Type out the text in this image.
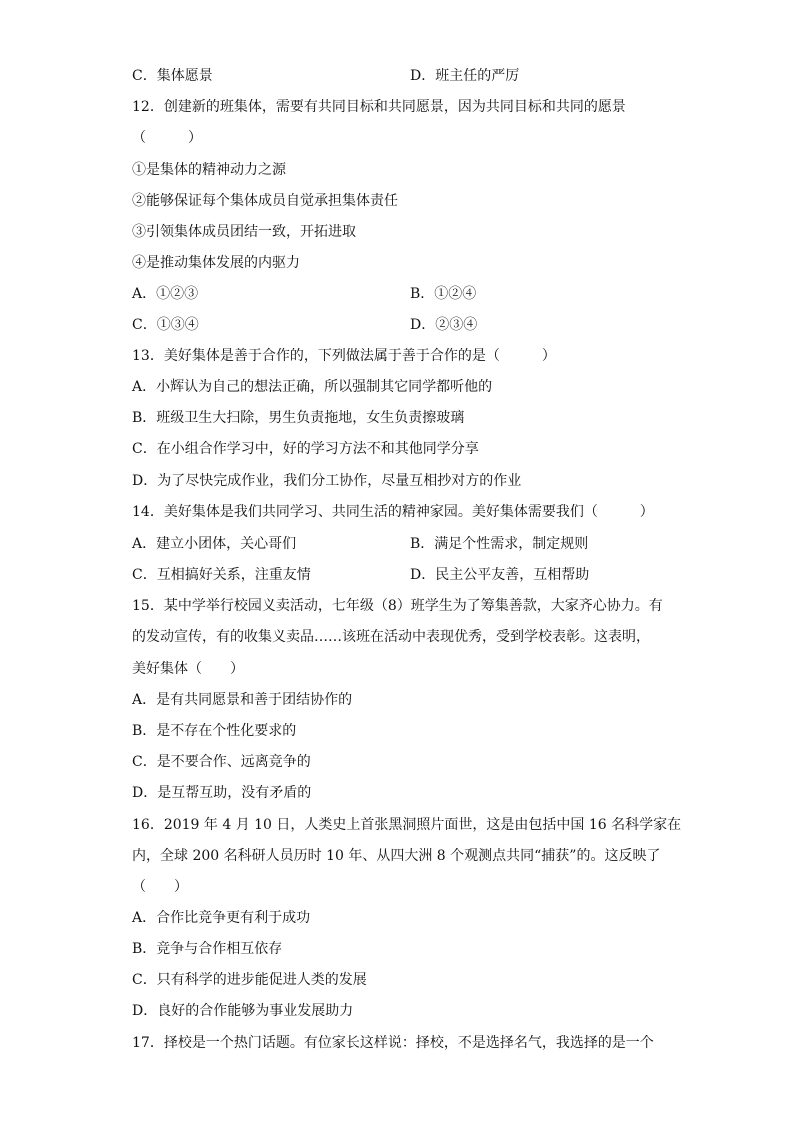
C．集体愿景	D．班主任的严厉
12．创建新的班集体，需要有共同目标和共同愿景，因为共同目标和共同的愿景
（　　　）
①是集体的精神动力之源
②能够保证每个集体成员自觉承担集体责任
③引领集体成员团结一致，开拓进取
④是推动集体发展的内驱力
A．①②③	B．①②④
C．①③④	D．②③④
13．美好集体是善于合作的，下列做法属于善于合作的是（　　　）
A．小辉认为自己的想法正确，所以强制其它同学都听他的
B．班级卫生大扫除，男生负责拖地，女生负责擦玻璃
C．在小组合作学习中，好的学习方法不和其他同学分享
D．为了尽快完成作业，我们分工协作，尽量互相抄对方的作业
14．美好集体是我们共同学习、共同生活的精神家园。美好集体需要我们（　　　）
A．建立小团体，关心哥们	B．满足个性需求，制定规则
C．互相搞好关系，注重友情	D．民主公平友善，互相帮助
15．某中学举行校园义卖活动，七年级（8）班学生为了筹集善款，大家齐心协力。有
的发动宣传，有的收集义卖品……该班在活动中表现优秀，受到学校表彰。这表明，
美好集体（　　）
A．是有共同愿景和善于团结协作的
B．是不存在个性化要求的
C．是不要合作、远离竞争的
D．是互帮互助，没有矛盾的
16．2019 年 4 月 10 日，人类史上首张黑洞照片面世，这是由包括中国 16 名科学家在
内，全球 200 名科研人员历时 10 年、从四大洲 8 个观测点共同“捕获”的。这反映了
（　　）
A．合作比竞争更有利于成功
B．竞争与合作相互依存
C．只有科学的进步能促进人类的发展
D．良好的合作能够为事业发展助力
17．择校是一个热门话题。有位家长这样说：择校，不是选择名气，我选择的是一个
